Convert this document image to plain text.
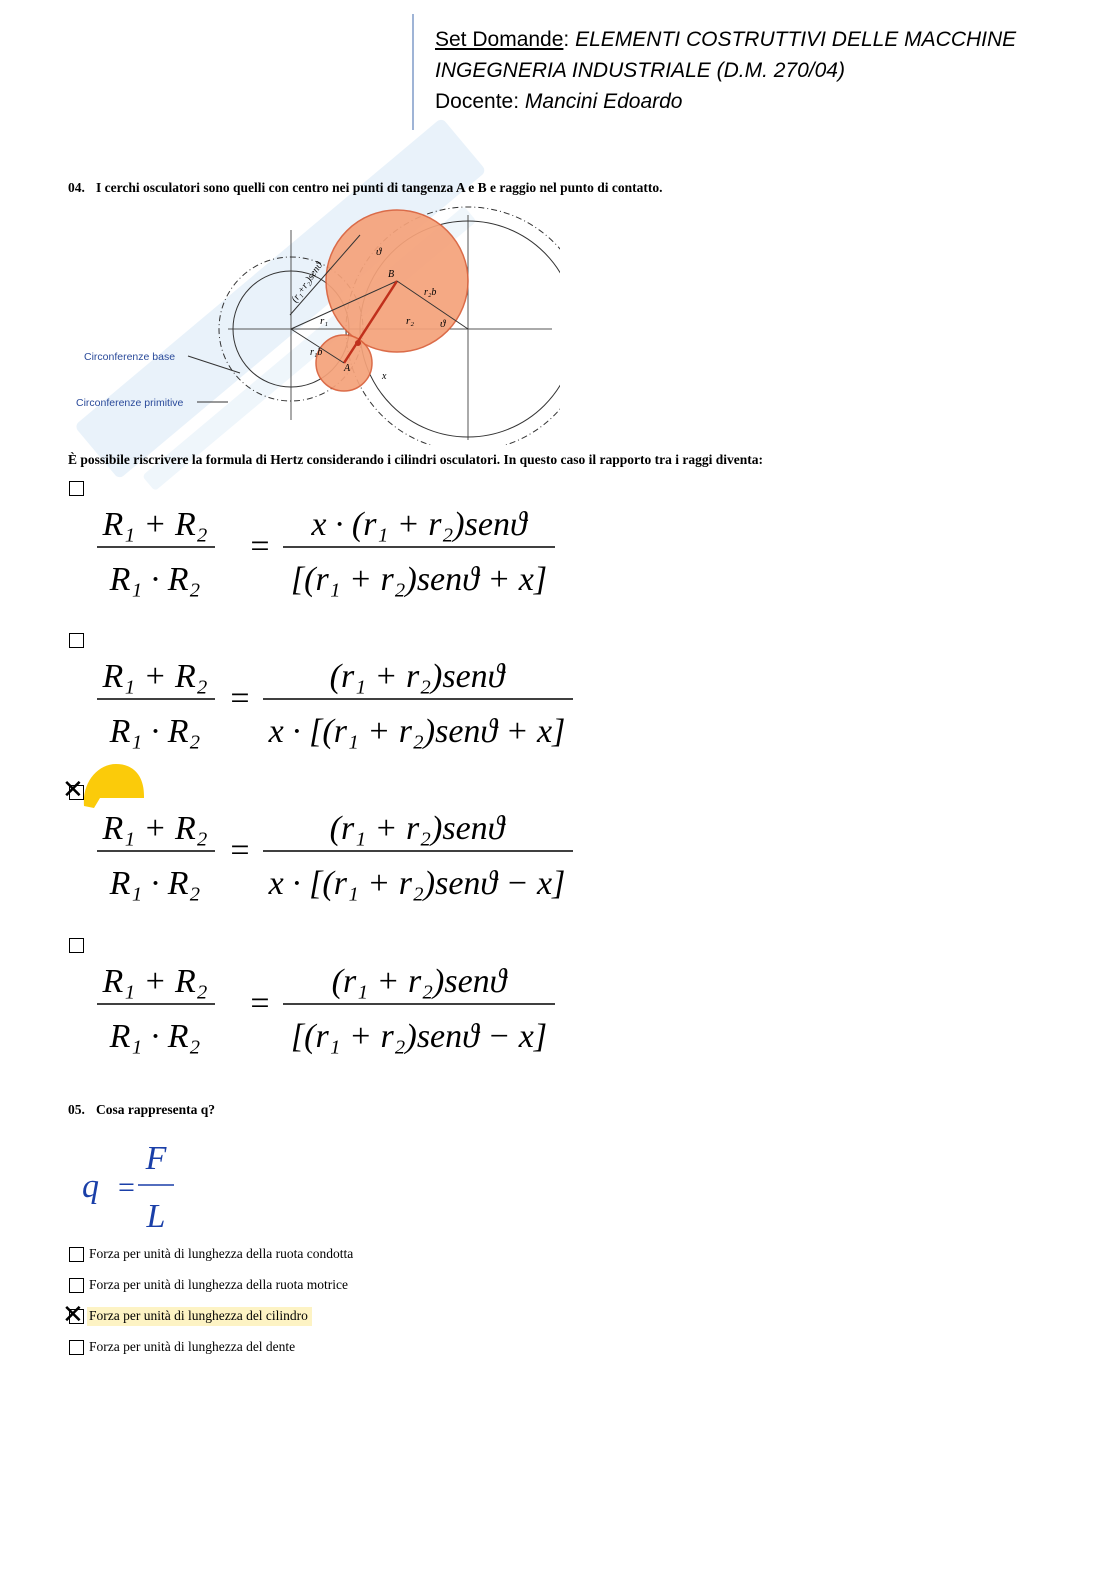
Set Domande: ELEMENTI COSTRUTTIVI DELLE MACCHINE
INGEGNERIA INDUSTRIALE (D.M. 270/04)
Docente: Mancini Edoardo
04. I cerchi osculatori sono quelli con centro nei punti di tangenza A e B e raggio nel punto di contatto.
Circonferenze base
Circonferenze primitive
ϑ
ϑ
r₁	r₂
r₁b
r₂b
A
B
x
(r₁+r₂)senϑ
È possibile riscrivere la formula di Hertz considerando i cilindri osculatori. In questo caso il rapporto tra i raggi diventa:
R₁ + R₂
R₁ · R₂
=
x · (r₁ + r₂)senϑ
[(r₁ + r₂)senϑ + x]
R₁ + R₂
R₁ · R₂
=
(r₁ + r₂)senϑ
x · [(r₁ + r₂)senϑ + x]
✕
R₁ + R₂
R₁ · R₂
=
(r₁ + r₂)senϑ
x · [(r₁ + r₂)senϑ − x]
R₁ + R₂
R₁ · R₂
=
(r₁ + r₂)senϑ
[(r₁ + r₂)senϑ − x]
05. Cosa rappresenta q?
q =
F
L
Forza per unità di lunghezza della ruota condotta
Forza per unità di lunghezza della ruota motrice
✕ Forza per unità di lunghezza del cilindro
Forza per unità di lunghezza del dente
